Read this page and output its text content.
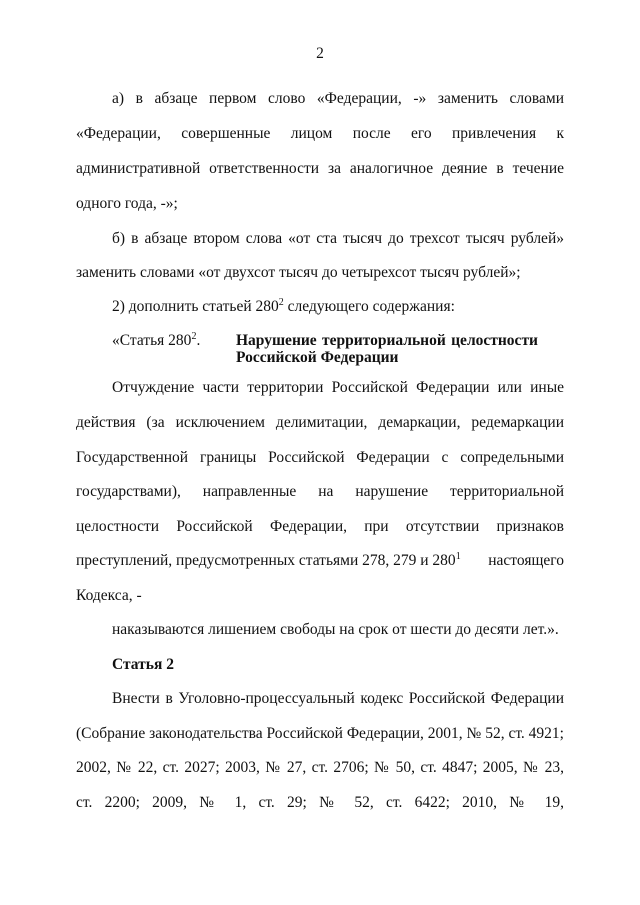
2
а) в абзаце первом слово «Федерации, -» заменить словами
«Федерации, совершенные лицом после его привлечения к
административной ответственности за аналогичное деяние в течение
одного года, -»;
б) в абзаце втором слова «от ста тысяч до трехсот тысяч рублей»
заменить словами «от двухсот тысяч до четырехсот тысяч рублей»;
2) дополнить статьей $280^2$ следующего содержания:
«Статья $280^2$. Нарушение территориальной целостности
Российской Федерации
Отчуждение части территории Российской Федерации или иные
действия (за исключением делимитации, демаркации, редемаркации
Государственной границы Российской Федерации с сопредельными
государствами), направленные на нарушение территориальной
целостности Российской Федерации, при отсутствии признаков
преступлений, предусмотренных статьями 278, 279 и $280^1$ настоящего
Кодекса, -
наказываются лишением свободы на срок от шести до десяти лет.».
Статья 2
Внести в Уголовно-процессуальный кодекс Российской Федерации
(Собрание законодательства Российской Федерации, 2001, № 52, ст. 4921;
2002, № 22, ст. 2027; 2003, № 27, ст. 2706; № 50, ст. 4847; 2005, № 23,
ст. 2200; 2009, № 1, ст. 29; № 52, ст. 6422; 2010, № 19,
